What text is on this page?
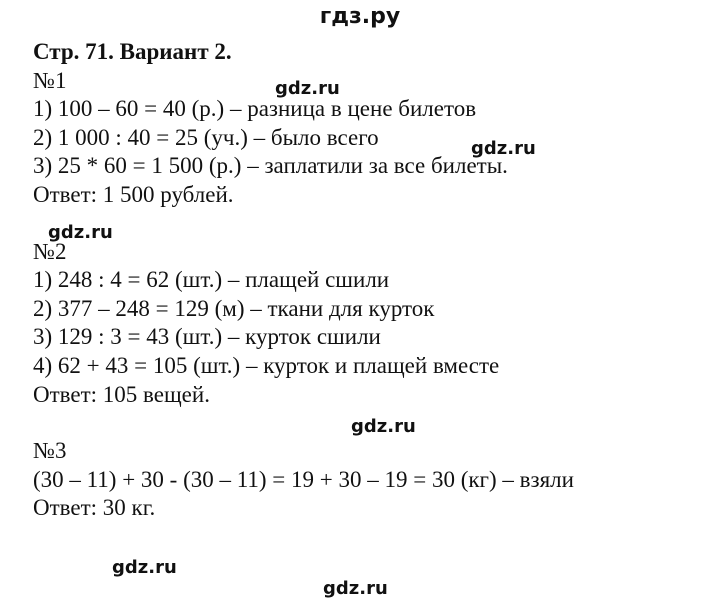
гдз.ру
Стр. 71. Вариант 2.
№1
1) 100 – 60 = 40 (р.) – разница в цене билетов
2) 1 000 : 40 = 25 (уч.) – было всего
3) 25 * 60 = 1 500 (р.) – заплатили за все билеты.
Ответ: 1 500 рублей.
№2
1) 248 : 4 = 62 (шт.) – плащей сшили
2) 377 – 248 = 129 (м) – ткани для курток
3) 129 : 3 = 43 (шт.) – курток сшили
4) 62 + 43 = 105 (шт.) – курток и плащей вместе
Ответ: 105 вещей.
№3
(30 – 11) + 30 - (30 – 11) = 19 + 30 – 19 = 30 (кг) – взяли
Ответ: 30 кг.
gdz.ru
gdz.ru
gdz.ru
gdz.ru
gdz.ru
gdz.ru
